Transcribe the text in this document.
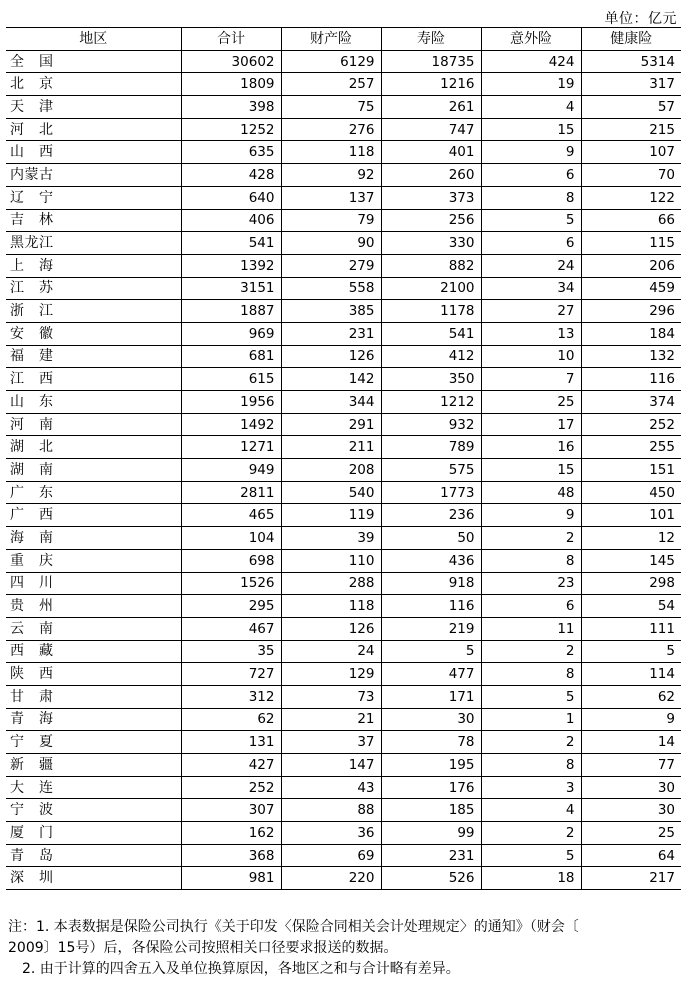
单位：亿元
地区	合计	财产险	寿险	意外险	健康险
全　国	30602	6129	18735	424	5314
北　京	1809	257	1216	19	317
天　津	398	75	261	4	57
河　北	1252	276	747	15	215
山　西	635	118	401	9	107
内蒙古	428	92	260	6	70
辽　宁	640	137	373	8	122
吉　林	406	79	256	5	66
黑龙江	541	90	330	6	115
上　海	1392	279	882	24	206
江　苏	3151	558	2100	34	459
浙　江	1887	385	1178	27	296
安　徽	969	231	541	13	184
福　建	681	126	412	10	132
江　西	615	142	350	7	116
山　东	1956	344	1212	25	374
河　南	1492	291	932	17	252
湖　北	1271	211	789	16	255
湖　南	949	208	575	15	151
广　东	2811	540	1773	48	450
广　西	465	119	236	9	101
海　南	104	39	50	2	12
重　庆	698	110	436	8	145
四　川	1526	288	918	23	298
贵　州	295	118	116	6	54
云　南	467	126	219	11	111
西　藏	35	24	5	2	5
陕　西	727	129	477	8	114
甘　肃	312	73	171	5	62
青　海	62	21	30	1	9
宁　夏	131	37	78	2	14
新　疆	427	147	195	8	77
大　连	252	43	176	3	30
宁　波	307	88	185	4	30
厦　门	162	36	99	2	25
青　岛	368	69	231	5	64
深　圳	981	220	526	18	217

注：1. 本表数据是保险公司执行《关于印发〈保险合同相关会计处理规定〉的通知》（财会〔

2009〕15号）后，各保险公司按照相关口径要求报送的数据。

2. 由于计算的四舍五入及单位换算原因，各地区之和与合计略有差异。
